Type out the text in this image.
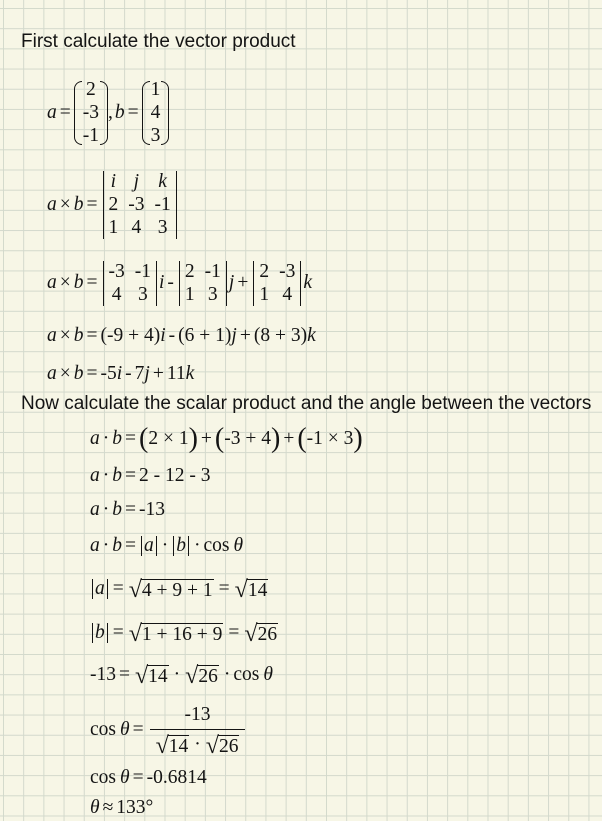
First calculate the vector product
a =
2
-3
-1
, b =
1
4
3
a × b =
i j k
2 -3 -1
1 4 3
a × b =
-3 -1
4 3
i -
2 -1
1 3
j +
2 -3
1 4
k
a × b = ( -9 + 4 ) i - ( 6 + 1 ) j + ( 8 + 3 ) k
a × b = -5 i - 7 j + 11 k
Now calculate the scalar product and the angle between the vectors
a · b = ( 2 × 1 ) + ( -3 + 4 ) + ( -1 × 3 )
a · b = 2 - 12 - 3
a · b = -13
a · b = a · b · cos θ
a = √ 4 + 9 + 1 = √ 14
b = √ 1 + 16 + 9 = √ 26
-13 = √ 14 · √ 26 · cos θ
$\cos \theta = \frac{-13}{√ 14 \cdot √ 26}$
cos θ = -0.6814
θ ≈ 133°
